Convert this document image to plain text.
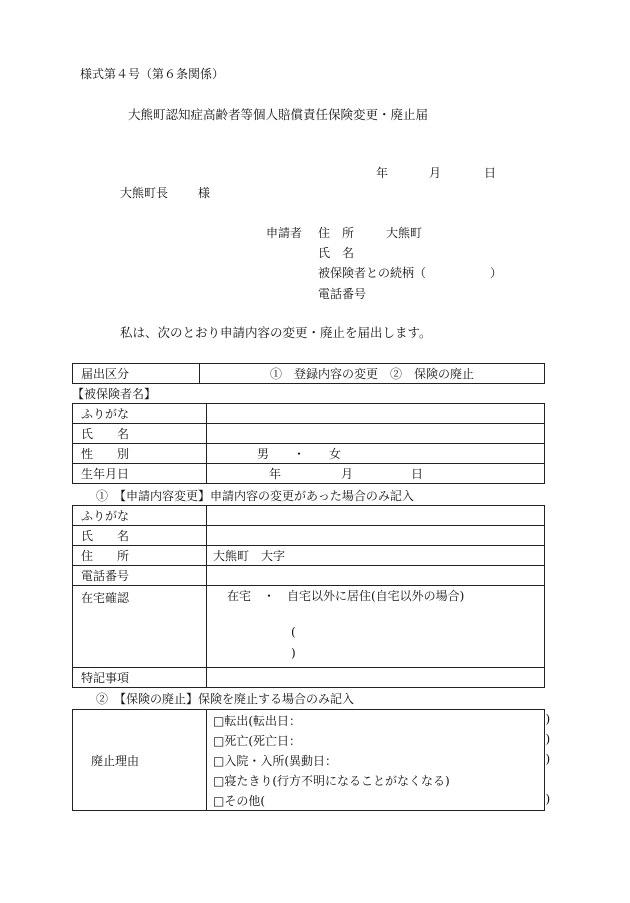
様式第４号（第６条関係）
大熊町認知症高齢者等個人賠償責任保険変更・廃止届
年	月	日
大熊町長 様
申請者 住　所	大熊町
氏　名
被保険者との続柄（	）
電話番号
私は、次のとおり申請内容の変更・廃止を届出します。
届出区分	①　登録内容の変更　②　保険の廃止
【被保険者名】
ふりがな	
氏　　名	
性　　別	男　　・　　女
生年月日	年 月 日
①　【申請内容変更】申請内容の変更があった場合のみ記入
ふりがな	
氏　　名	
住　　所	大熊町　大字
電話番号	
在宅確認	在宅　・　自宅以外に居住(自宅以外の場合)
(
)

特記事項	
②　【保険の廃止】保険を廃止する場合のみ記入
廃止理由	□転出(転出日：	)

□死亡(死亡日：	)

□入院・入所(異動日：	)

□寝たきり(行方不明になることがなくなる)
□その他(	)
